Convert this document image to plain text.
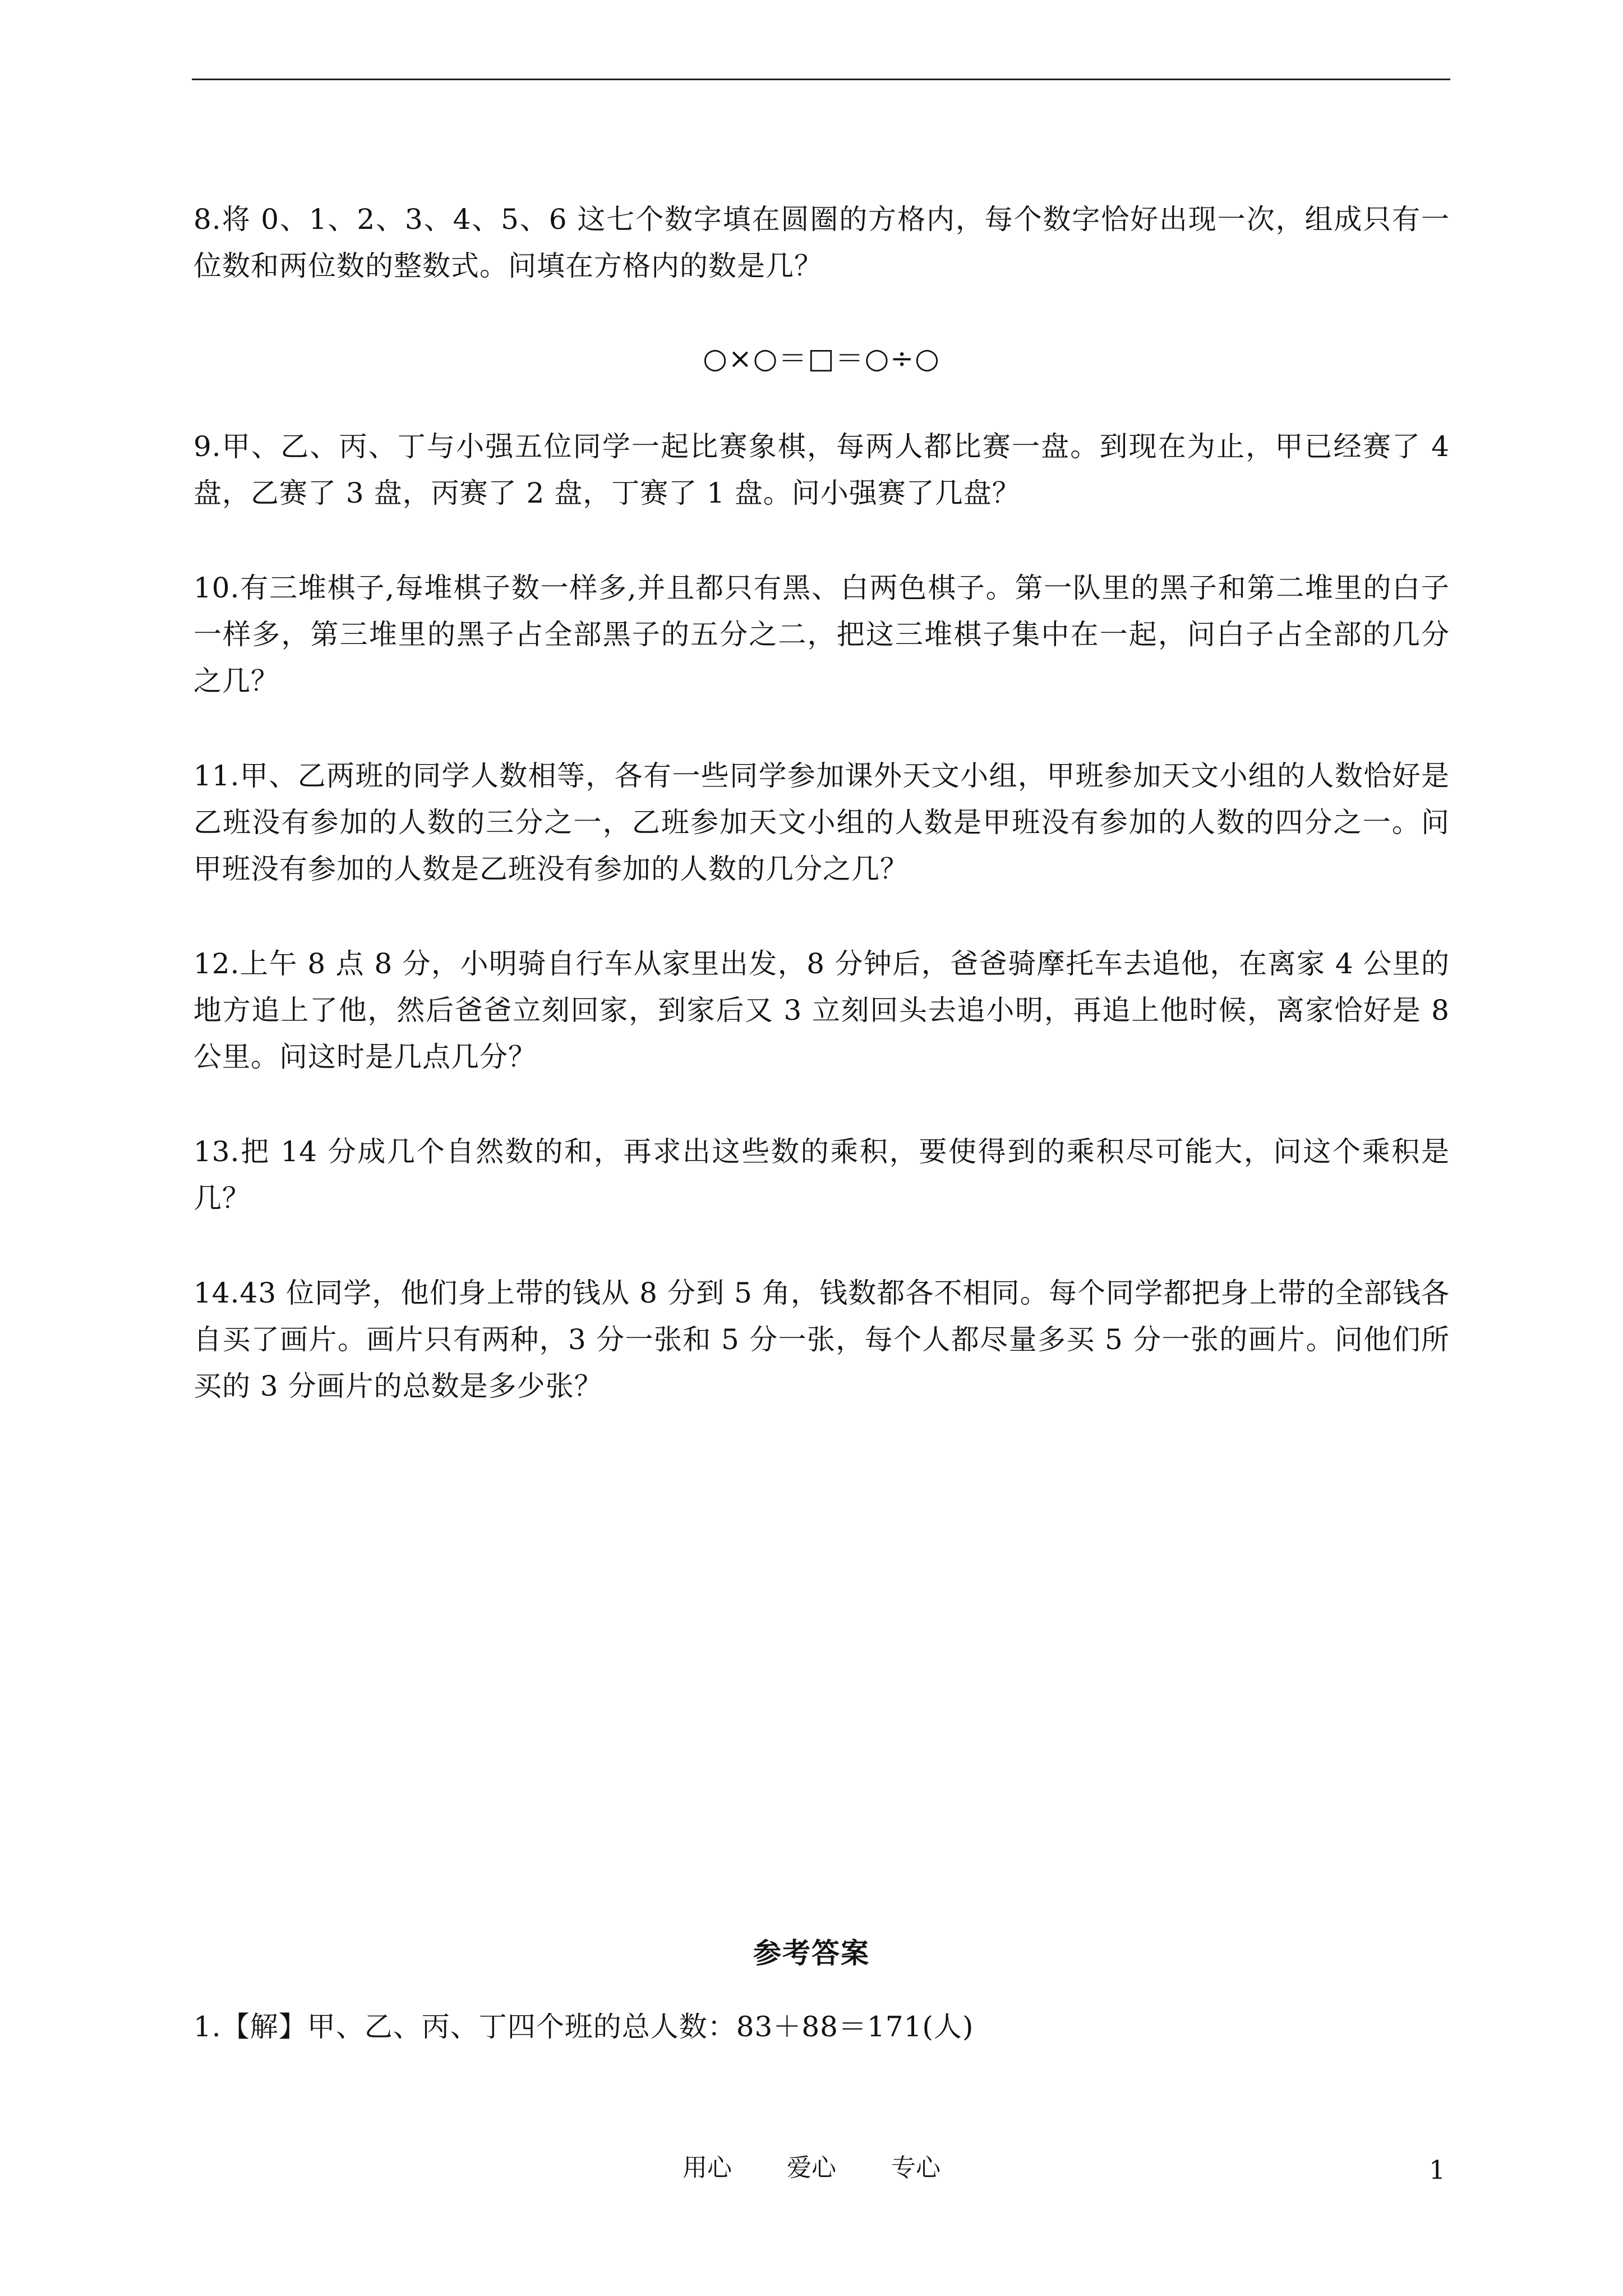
8.将 0、1、2、3、4、5、6 这七个数字填在圆圈的方格内，每个数字恰好出现一次，组成只有一位数和两位数的整数式。问填在方格内的数是几？

○×○＝□＝○÷○

9.甲、乙、丙、丁与小强五位同学一起比赛象棋，每两人都比赛一盘。到现在为止，甲已经赛了 4 盘，乙赛了 3 盘，丙赛了 2 盘，丁赛了 1 盘。问小强赛了几盘？

10.有三堆棋子,每堆棋子数一样多,并且都只有黑、白两色棋子。第一队里的黑子和第二堆里的白子一样多，第三堆里的黑子占全部黑子的五分之二，把这三堆棋子集中在一起，问白子占全部的几分之几？

11.甲、乙两班的同学人数相等，各有一些同学参加课外天文小组，甲班参加天文小组的人数恰好是乙班没有参加的人数的三分之一，乙班参加天文小组的人数是甲班没有参加的人数的四分之一。问甲班没有参加的人数是乙班没有参加的人数的几分之几？

12.上午 8 点 8 分，小明骑自行车从家里出发，8 分钟后，爸爸骑摩托车去追他，在离家 4 公里的地方追上了他，然后爸爸立刻回家，到家后又 3 立刻回头去追小明，再追上他时候，离家恰好是 8 公里。问这时是几点几分？

13.把 14 分成几个自然数的和，再求出这些数的乘积，要使得到的乘积尽可能大，问这个乘积是几？

14.43 位同学，他们身上带的钱从 8 分到 5 角，钱数都各不相同。每个同学都把身上带的全部钱各自买了画片。画片只有两种，3 分一张和 5 分一张，每个人都尽量多买 5 分一张的画片。问他们所买的 3 分画片的总数是多少张？

参考答案
1.【解】甲、乙、丙、丁四个班的总人数：83＋88＝171(人)
用心 爱心 专心	1
